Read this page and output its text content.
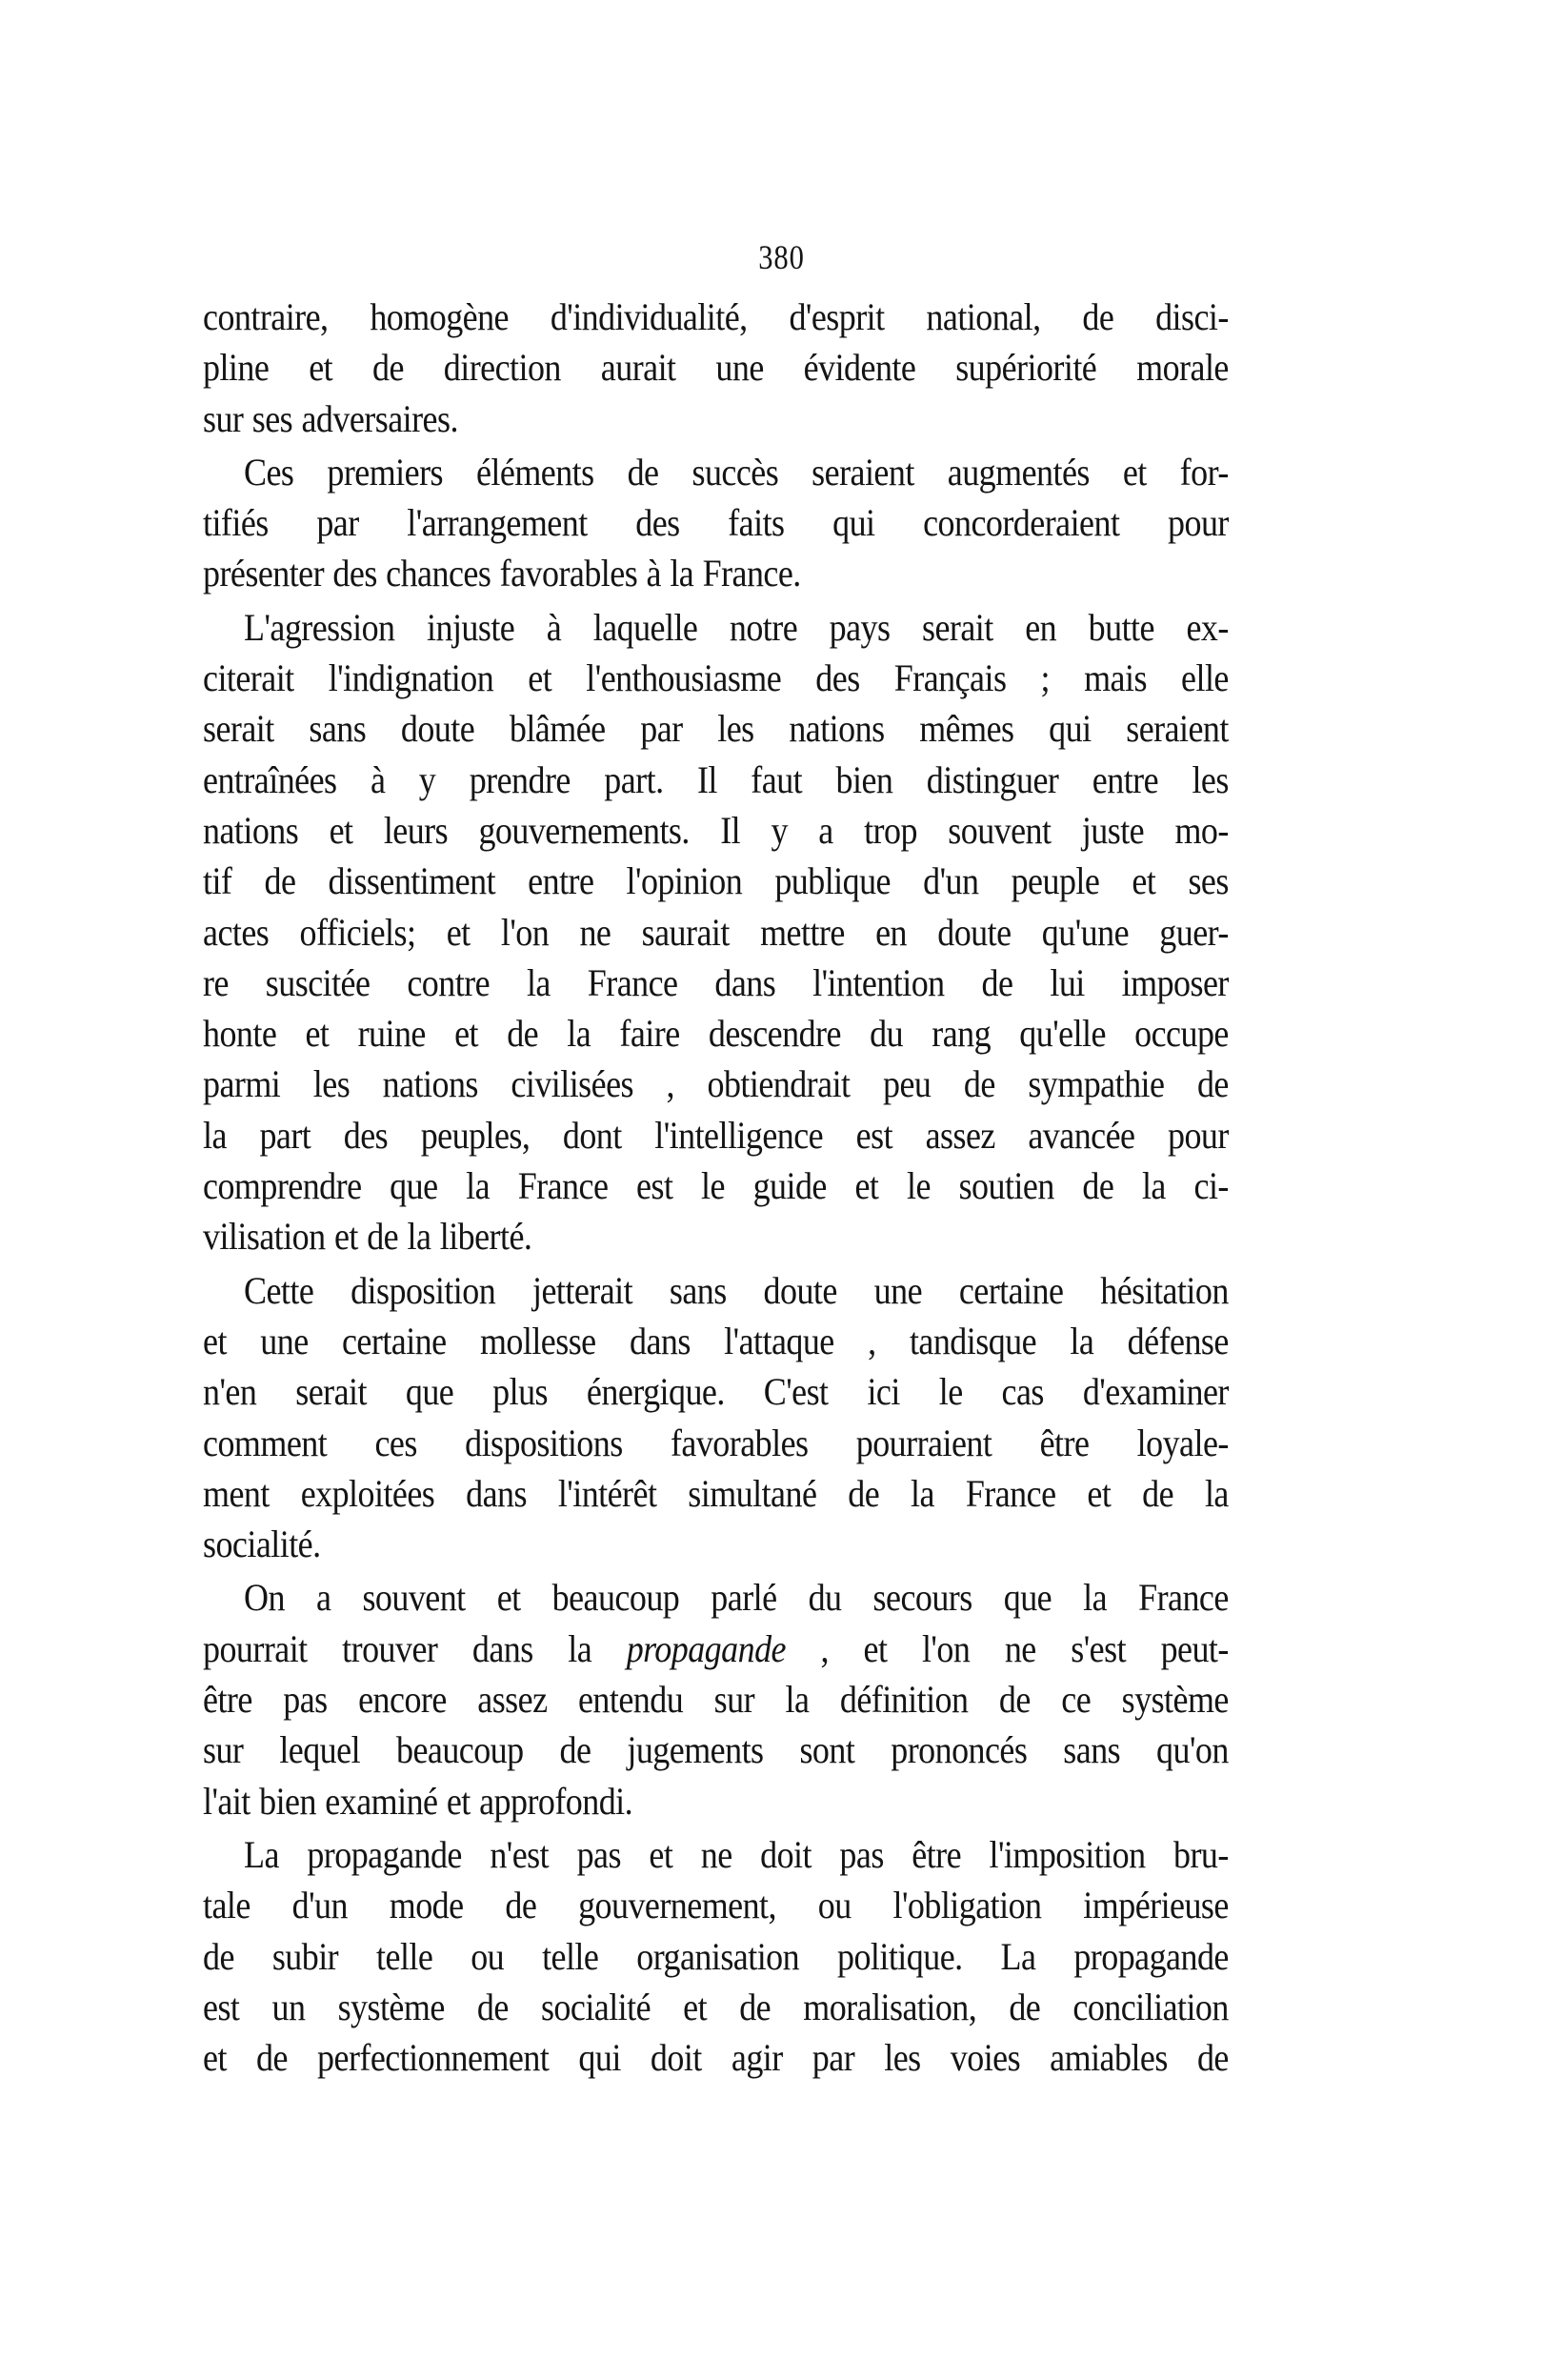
380
contraire, homogène d'individualité, d'esprit national, de disci-
pline et de direction aurait une évidente supériorité morale
sur ses adversaires.
Ces premiers éléments de succès seraient augmentés et for-
tifiés par l'arrangement des faits qui concorderaient pour
présenter des chances favorables à la France.
L'agression injuste à laquelle notre pays serait en butte ex-
citerait l'indignation et l'enthousiasme des Français ; mais elle
serait sans doute blâmée par les nations mêmes qui seraient
entraînées à y prendre part. Il faut bien distinguer entre les
nations et leurs gouvernements. Il y a trop souvent juste mo-
tif de dissentiment entre l'opinion publique d'un peuple et ses
actes officiels; et l'on ne saurait mettre en doute qu'une guer-
re suscitée contre la France dans l'intention de lui imposer
honte et ruine et de la faire descendre du rang qu'elle occupe
parmi les nations civilisées , obtiendrait peu de sympathie de
la part des peuples, dont l'intelligence est assez avancée pour
comprendre que la France est le guide et le soutien de la ci-
vilisation et de la liberté.
Cette disposition jetterait sans doute une certaine hésitation
et une certaine mollesse dans l'attaque , tandisque la défense
n'en serait que plus énergique. C'est ici le cas d'examiner
comment ces dispositions favorables pourraient être loyale-
ment exploitées dans l'intérêt simultané de la France et de la
socialité.
On a souvent et beaucoup parlé du secours que la France
pourrait trouver dans la propagande , et l'on ne s'est peut-
être pas encore assez entendu sur la définition de ce système
sur lequel beaucoup de jugements sont prononcés sans qu'on
l'ait bien examiné et approfondi.
La propagande n'est pas et ne doit pas être l'imposition bru-
tale d'un mode de gouvernement, ou l'obligation impérieuse
de subir telle ou telle organisation politique. La propagande
est un système de socialité et de moralisation, de conciliation
et de perfectionnement qui doit agir par les voies amiables de
